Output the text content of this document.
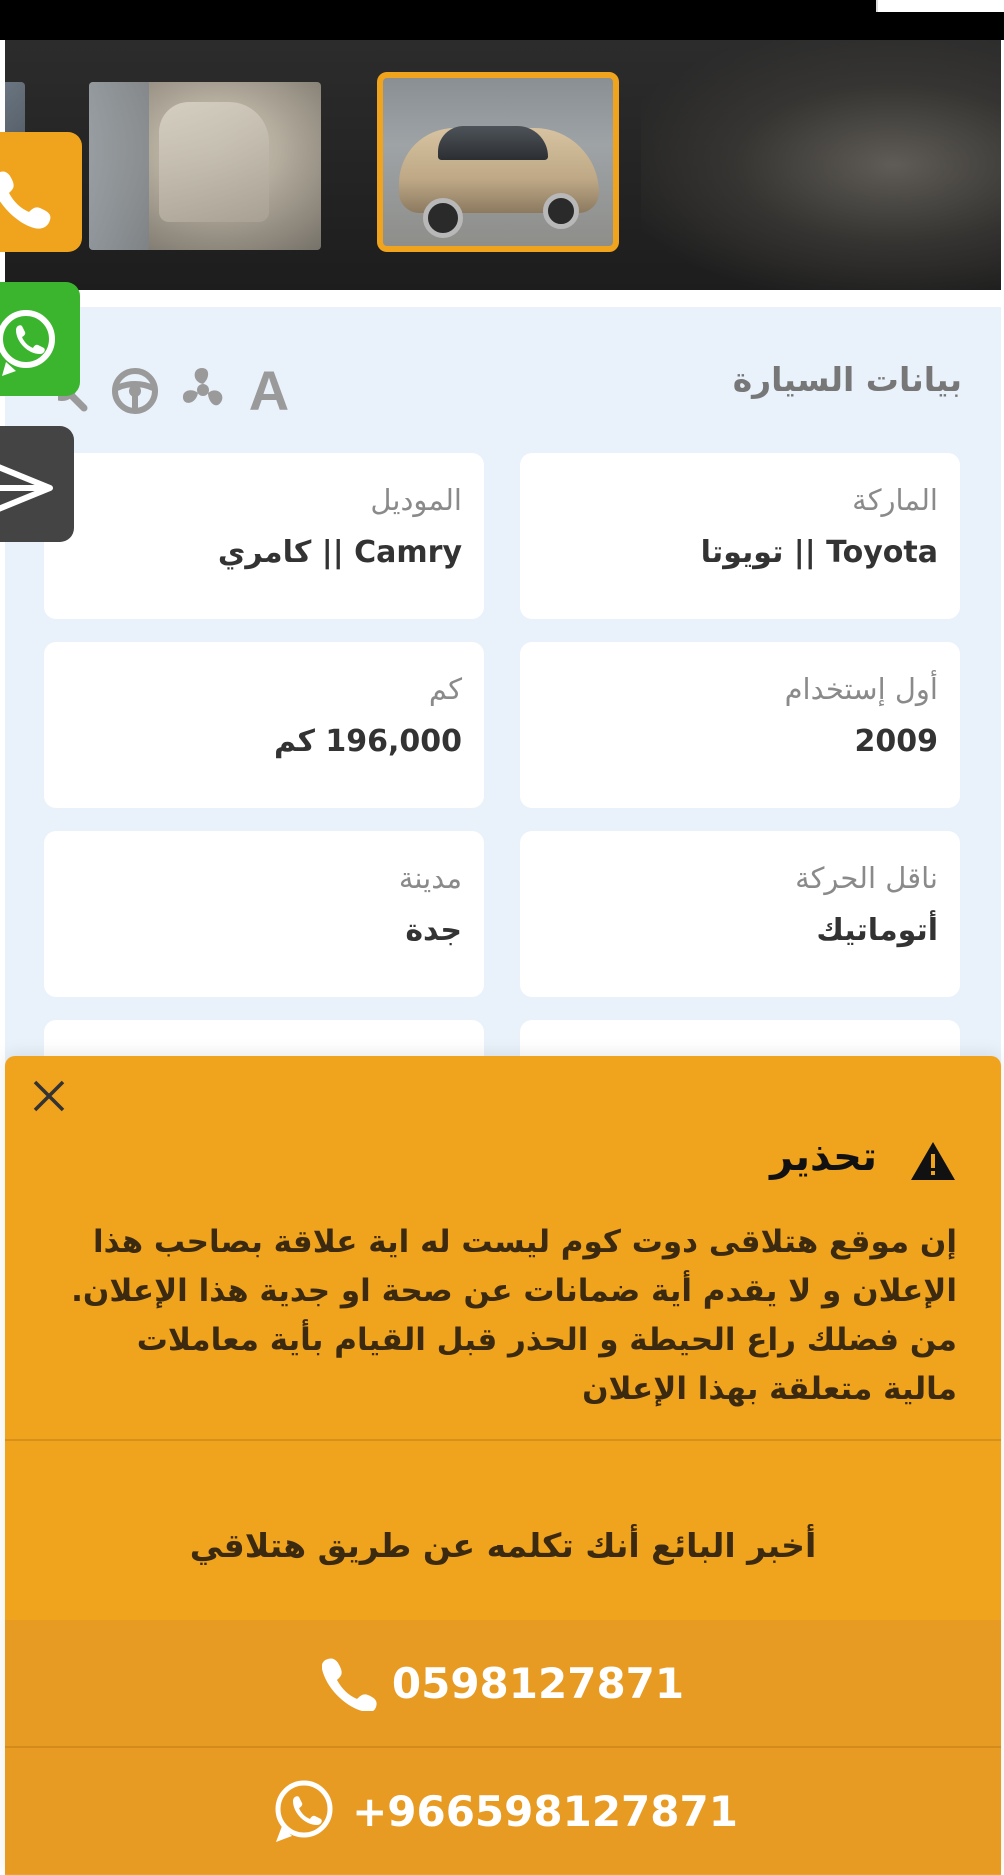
بيانات السيارة
A
الماركة
Toyota || تويوتا
الموديل
Camry || كامري
أول إستخدام
2009
كم
196,000 كم
ناقل الحركة
أتوماتيك
مدينة
جدة
تحذير
إن موقع هتلاقى دوت كوم ليست له اية علاقة بصاحب هذا الإعلان و لا يقدم أية ضمانات عن صحة او جدية هذا الإعلان. من فضلك راع الحيطة و الحذر قبل القيام بأية معاملات مالية متعلقة بهذا الإعلان
أخبر البائع أنك تكلمه عن طريق هتلاقي
0598127871
+966598127871
